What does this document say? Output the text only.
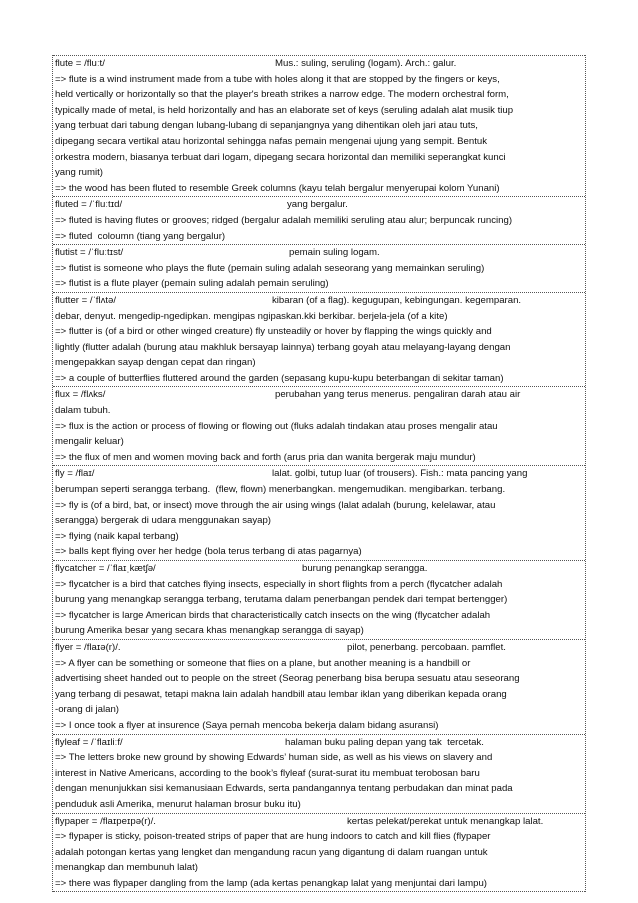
flute = /fluːt/	Mus.: suling, seruling (logam). Arch.: galur.
=> flute is a wind instrument made from a tube with holes along it that are stopped by the fingers or keys,
held vertically or horizontally so that the player's breath strikes a narrow edge. The modern orchestral form,
typically made of metal, is held horizontally and has an elaborate set of keys (seruling adalah alat musik tiup
yang terbuat dari tabung dengan lubang-lubang di sepanjangnya yang dihentikan oleh jari atau tuts,
dipegang secara vertikal atau horizontal sehingga nafas pemain mengenai ujung yang sempit. Bentuk
orkestra modern, biasanya terbuat dari logam, dipegang secara horizontal dan memiliki seperangkat kunci
yang rumit)
=> the wood has been fluted to resemble Greek columns (kayu telah bergalur menyerupai kolom Yunani)
fluted = /ˈfluːtɪd/	yang bergalur.
=> fluted is having flutes or grooves; ridged (bergalur adalah memiliki seruling atau alur; berpuncak runcing)
=> fluted  coloumn (tiang yang bergalur)
flutist = /ˈfluːtɪst/	pemain suling logam.
=> flutist is someone who plays the flute (pemain suling adalah seseorang yang memainkan seruling)
=> flutist is a flute player (pemain suling adalah pemain seruling)
flutter = /ˈflʌtə/	kibaran (of a flag). kegugupan, kebingungan. kegemparan.
debar, denyut. mengedip-ngedipkan. mengipas ngipaskan.kki berkibar. berjela-jela (of a kite)
=> flutter is (of a bird or other winged creature) fly unsteadily or hover by flapping the wings quickly and
lightly (flutter adalah (burung atau makhluk bersayap lainnya) terbang goyah atau melayang-layang dengan
mengepakkan sayap dengan cepat dan ringan)
=> a couple of butterflies fluttered around the garden (sepasang kupu-kupu beterbangan di sekitar taman)
flux = /flʌks/	perubahan yang terus menerus. pengaliran darah atau air
dalam tubuh.
=> flux is the action or process of flowing or flowing out (fluks adalah tindakan atau proses mengalir atau
mengalir keluar)
=> the flux of men and women moving back and forth (arus pria dan wanita bergerak maju mundur)
fly = /flaɪ/	lalat. golbi, tutup luar (of trousers). Fish.: mata pancing yang
berumpan seperti serangga terbang.  (flew, flown) menerbangkan. mengemudikan. mengibarkan. terbang.
=> fly is (of a bird, bat, or insect) move through the air using wings (lalat adalah (burung, kelelawar, atau
serangga) bergerak di udara menggunakan sayap)
=> flying (naik kapal terbang)
=> balls kept flying over her hedge (bola terus terbang di atas pagarnya)
flycatcher = /ˈflaɪˌkætʃə/	burung penangkap serangga.
=> flycatcher is a bird that catches flying insects, especially in short flights from a perch (flycatcher adalah
burung yang menangkap serangga terbang, terutama dalam penerbangan pendek dari tempat bertengger)
=> flycatcher is large American birds that characteristically catch insects on the wing (flycatcher adalah
burung Amerika besar yang secara khas menangkap serangga di sayap)
flyer = /flaɪə(r)/.	pilot, penerbang. percobaan. pamflet.
=> A flyer can be something or someone that flies on a plane, but another meaning is a handbill or
advertising sheet handed out to people on the street (Seorag penerbang bisa berupa sesuatu atau seseorang
yang terbang di pesawat, tetapi makna lain adalah handbill atau lembar iklan yang diberikan kepada orang
-orang di jalan)
=> I once took a flyer at insurence (Saya pernah mencoba bekerja dalam bidang asuransi)
flyleaf = /ˈflaɪliːf/	halaman buku paling depan yang tak  tercetak.
=> The letters broke new ground by showing Edwards’ human side, as well as his views on slavery and
interest in Native Americans, according to the book’s flyleaf (surat-surat itu membuat terobosan baru
dengan menunjukkan sisi kemanusiaan Edwards, serta pandangannya tentang perbudakan dan minat pada
penduduk asli Amerika, menurut halaman brosur buku itu)
flypaper = /flaɪpeɪpə(r)/.	kertas pelekat/perekat untuk menangkap lalat.
=> flypaper is sticky, poison-treated strips of paper that are hung indoors to catch and kill flies (flypaper
adalah potongan kertas yang lengket dan mengandung racun yang digantung di dalam ruangan untuk
menangkap dan membunuh lalat)
=> there was flypaper dangling from the lamp (ada kertas penangkap lalat yang menjuntai dari lampu)
